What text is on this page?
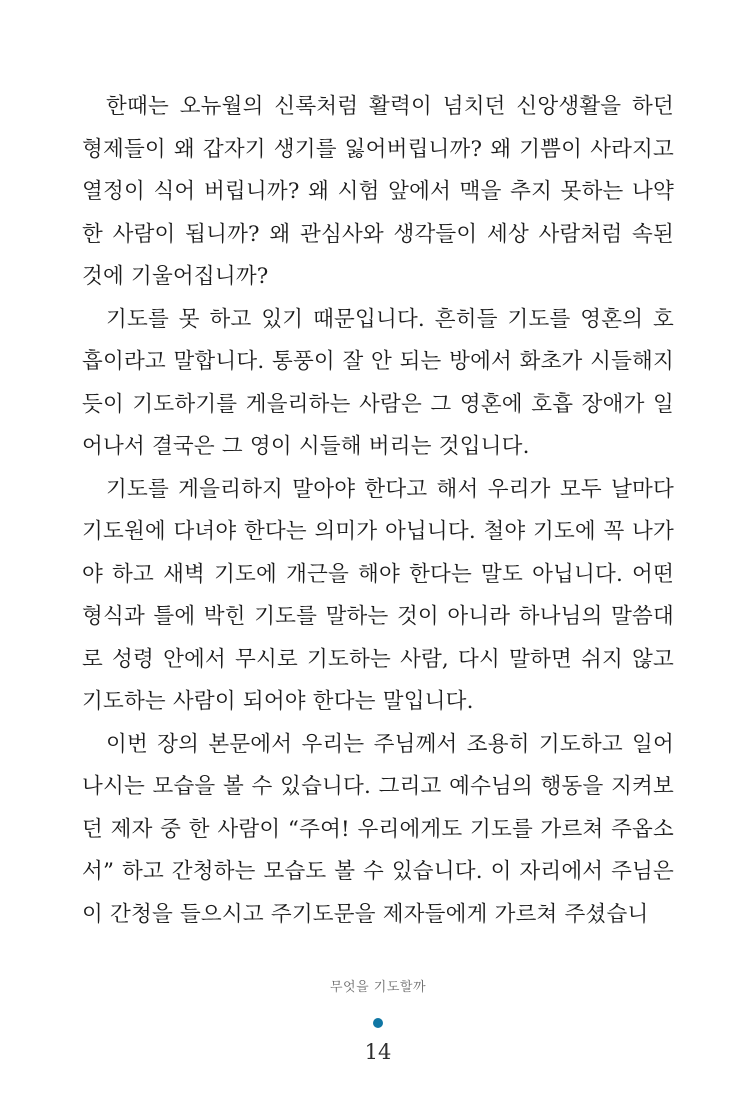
한때는 오뉴월의 신록처럼 활력이 넘치던 신앙생활을 하던
형제들이 왜 갑자기 생기를 잃어버립니까? 왜 기쁨이 사라지고
열정이 식어 버립니까? 왜 시험 앞에서 맥을 추지 못하는 나약
한 사람이 됩니까? 왜 관심사와 생각들이 세상 사람처럼 속된
것에 기울어집니까?
기도를 못 하고 있기 때문입니다. 흔히들 기도를 영혼의 호
흡이라고 말합니다. 통풍이 잘 안 되는 방에서 화초가 시들해지
듯이 기도하기를 게을리하는 사람은 그 영혼에 호흡 장애가 일
어나서 결국은 그 영이 시들해 버리는 것입니다.
기도를 게을리하지 말아야 한다고 해서 우리가 모두 날마다
기도원에 다녀야 한다는 의미가 아닙니다. 철야 기도에 꼭 나가
야 하고 새벽 기도에 개근을 해야 한다는 말도 아닙니다. 어떤
형식과 틀에 박힌 기도를 말하는 것이 아니라 하나님의 말씀대
로 성령 안에서 무시로 기도하는 사람, 다시 말하면 쉬지 않고
기도하는 사람이 되어야 한다는 말입니다.
이번 장의 본문에서 우리는 주님께서 조용히 기도하고 일어
나시는 모습을 볼 수 있습니다. 그리고 예수님의 행동을 지켜보
던 제자 중 한 사람이 “주여! 우리에게도 기도를 가르쳐 주옵소
서” 하고 간청하는 모습도 볼 수 있습니다. 이 자리에서 주님은
이 간청을 들으시고 주기도문을 제자들에게 가르쳐 주셨습니
무엇을 기도할까
14
